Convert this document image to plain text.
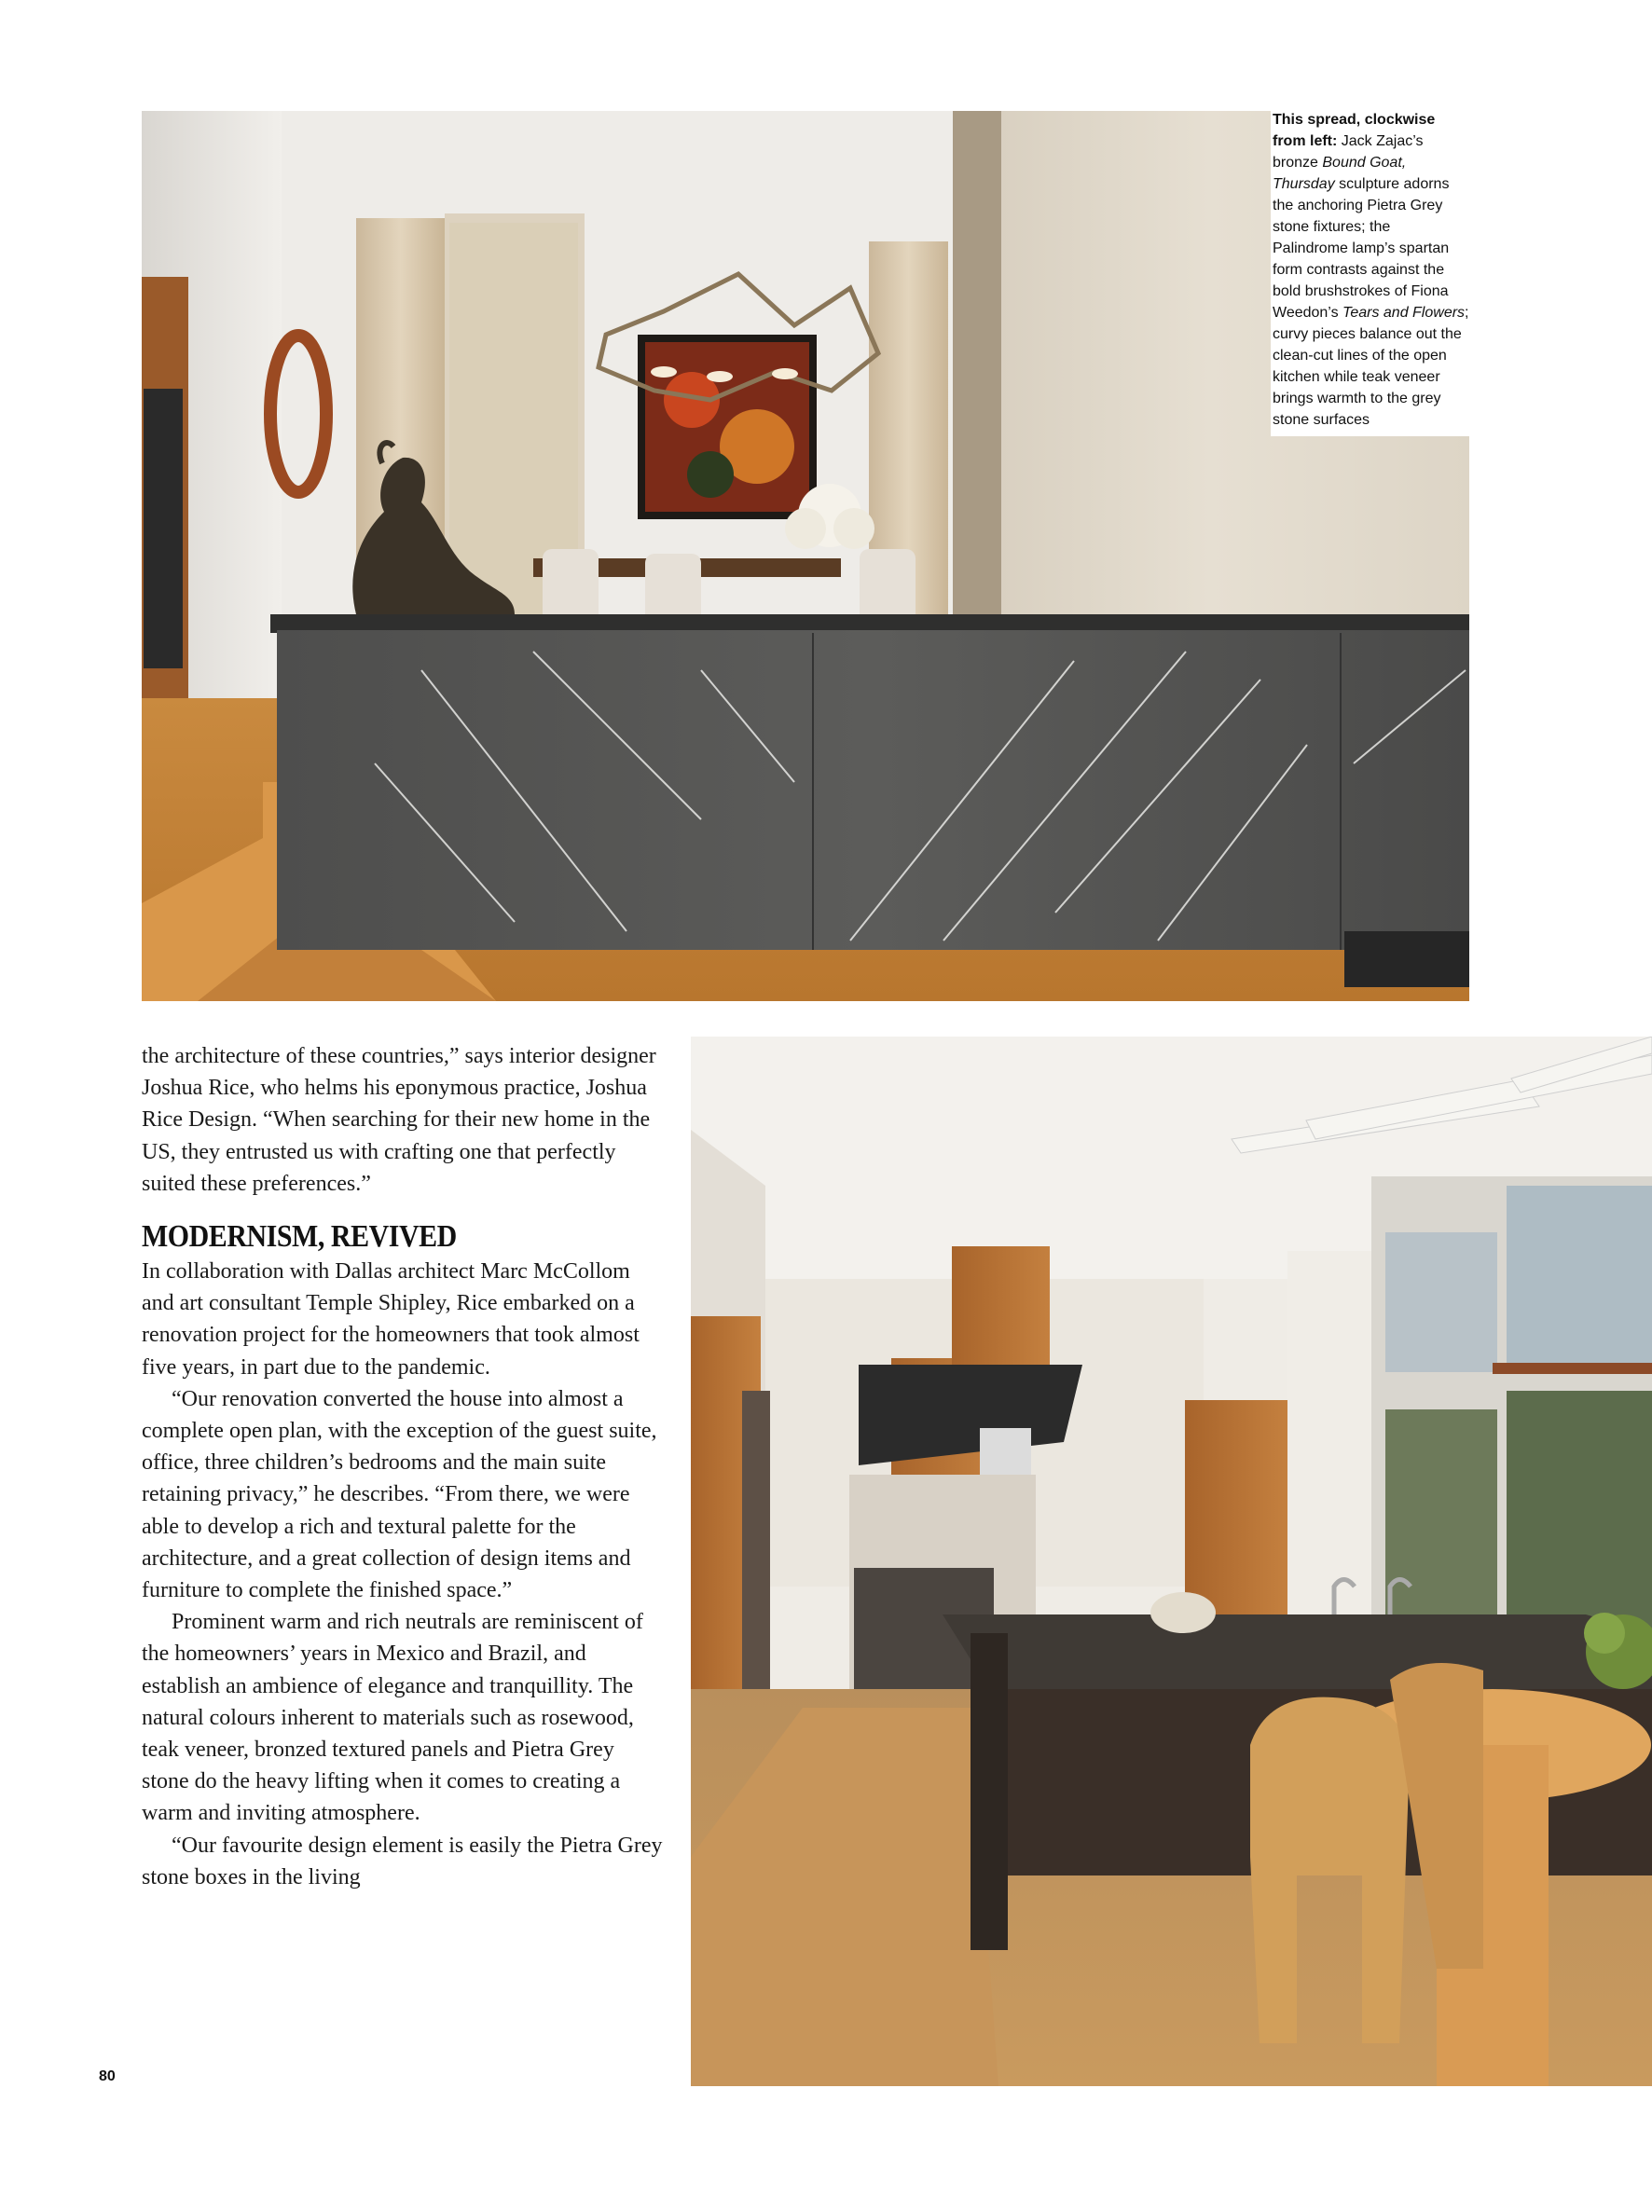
This spread, clockwise from left: Jack Zajac’s bronze Bound Goat, Thursday sculpture adorns the anchoring Pietra Grey stone fixtures; the Palindrome lamp’s spartan form contrasts against the bold brushstrokes of Fiona Weedon’s Tears and Flowers; curvy pieces balance out the clean-cut lines of the open kitchen while teak veneer brings warmth to the grey stone surfaces

the architecture of these countries,” says interior designer Joshua Rice, who helms his eponymous practice, Joshua Rice Design. “When searching for their new home in the US, they entrusted us with crafting one that perfectly suited these preferences.”

MODERNISM, REVIVED

In collaboration with Dallas architect Marc McCollom and art consultant Temple Shipley, Rice embarked on a renovation project for the homeowners that took almost five years, in part due to the pandemic.

“Our renovation converted the house into almost a complete open plan, with the exception of the guest suite, office, three children’s bedrooms and the main suite retaining privacy,” he describes. “From there, we were able to develop a rich and textural palette for the architecture, and a great collection of design items and furniture to complete the finished space.”

Prominent warm and rich neutrals are reminiscent of the homeowners’ years in Mexico and Brazil, and establish an ambience of elegance and tranquillity. The natural colours inherent to materials such as rosewood, teak veneer, bronzed textured panels and Pietra Grey stone do the heavy lifting when it comes to creating a warm and inviting atmosphere.

“Our favourite design element is easily the Pietra Grey stone boxes in the living

80
